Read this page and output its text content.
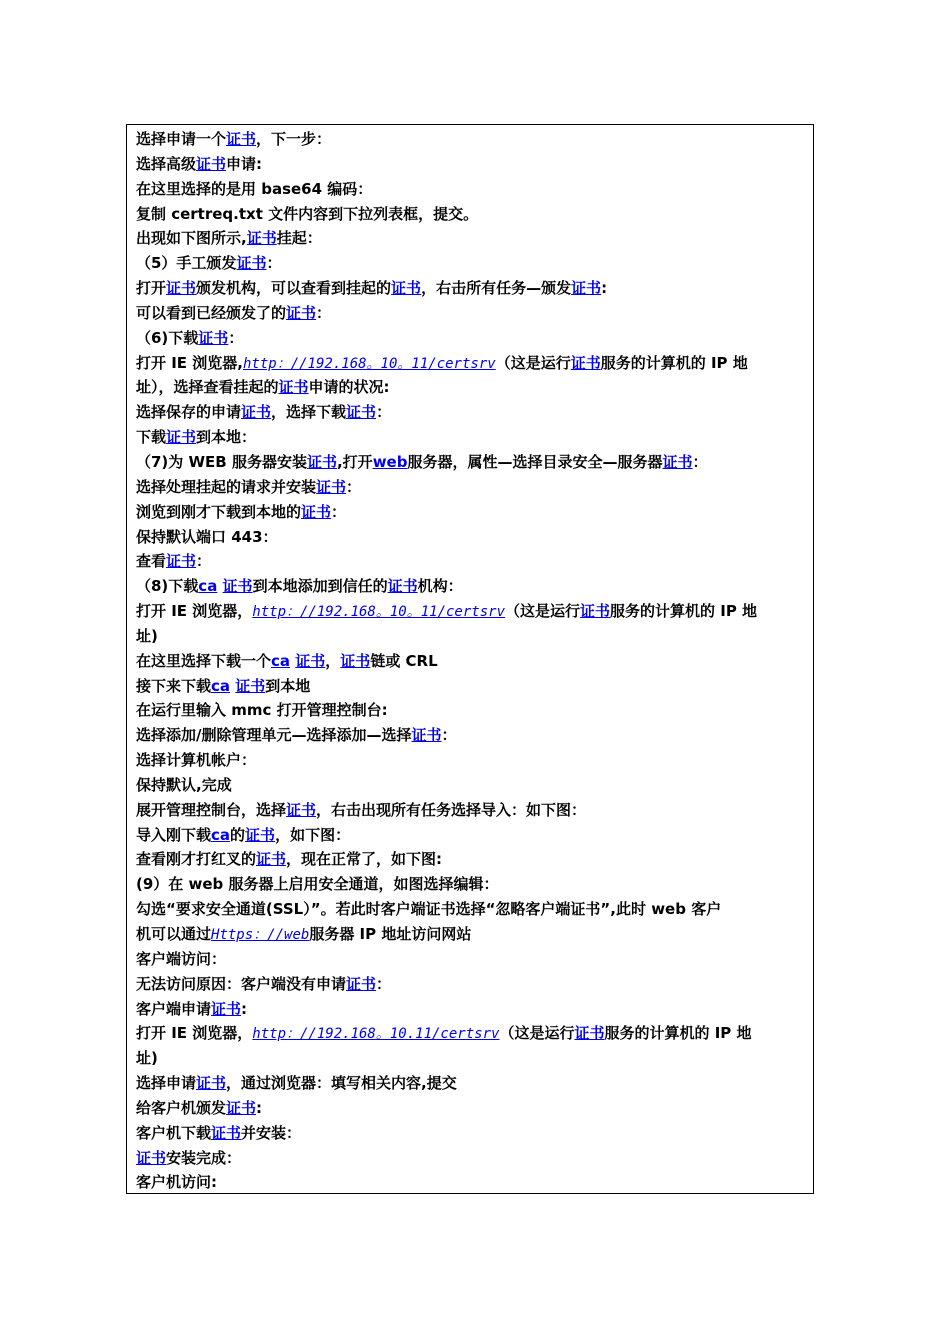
选择申请一个证书，下一步：
选择高级证书申请:
在这里选择的是用 base64 编码：
复制 certreq.txt 文件内容到下拉列表框，提交。
出现如下图所示,证书挂起：
（5）手工颁发证书：
打开证书颁发机构，可以查看到挂起的证书，右击所有任务—颁发证书:
可以看到已经颁发了的证书：
（6)下载证书：
打开 IE 浏览器,http：//192.168。10。11/certsrv（这是运行证书服务的计算机的 IP 地
址），选择查看挂起的证书申请的状况:
选择保存的申请证书，选择下载证书：
下载证书到本地：
（7)为 WEB 服务器安装证书,打开web服务器，属性—选择目录安全—服务器证书：
选择处理挂起的请求并安装证书：
浏览到刚才下载到本地的证书：
保持默认端口 443：
查看证书：
（8)下载ca 证书到本地添加到信任的证书机构：
打开 IE 浏览器，http：//192.168。10。11/certsrv（这是运行证书服务的计算机的 IP 地
址)
在这里选择下载一个ca 证书，证书链或 CRL
接下来下载ca 证书到本地
在运行里输入 mmc 打开管理控制台:
选择添加/删除管理单元—选择添加—选择证书：
选择计算机帐户：
保持默认,完成
展开管理控制台，选择证书，右击出现所有任务选择导入：如下图：
导入刚下载ca的证书，如下图：
查看刚才打红叉的证书，现在正常了，如下图:
(9）在 web 服务器上启用安全通道，如图选择编辑：
勾选“要求安全通道(SSL）”。若此时客户端证书选择“忽略客户端证书”,此时 web 客户
机可以通过Https：//web服务器 IP 地址访问网站
客户端访问：
无法访问原因：客户端没有申请证书：
客户端申请证书:
打开 IE 浏览器，http：//192.168。10.11/certsrv（这是运行证书服务的计算机的 IP 地
址)
选择申请证书，通过浏览器：填写相关内容,提交
给客户机颁发证书:
客户机下载证书并安装：
证书安装完成：
客户机访问:
